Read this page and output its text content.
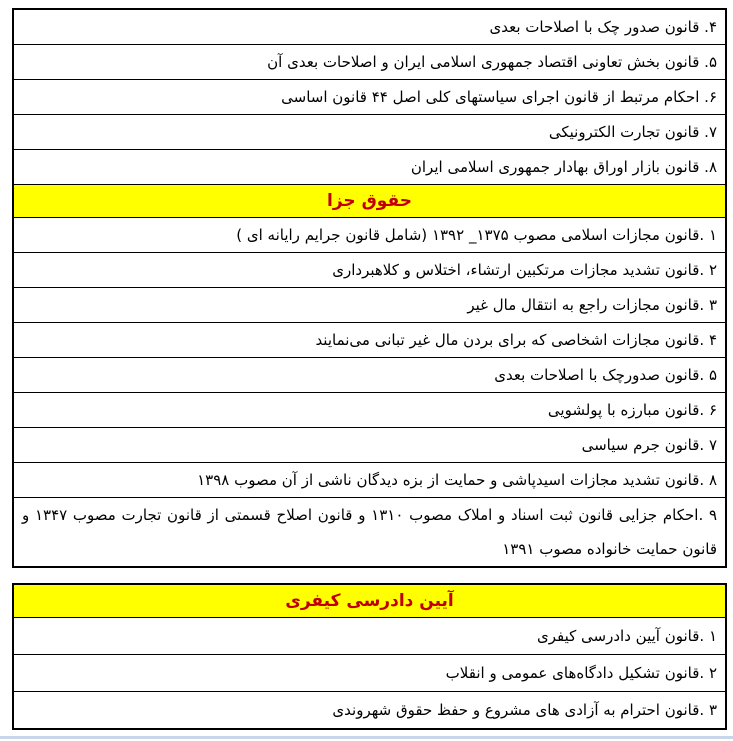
۴. قانون صدور چک با اصلاحات بعدی
۵. قانون بخش تعاونی اقتصاد جمهوری اسلامی ایران و اصلاحات بعدی آن
۶. احکام مرتبط از قانون اجرای سیاستهای کلی اصل ۴۴ قانون اساسی
۷. قانون تجارت الکترونیکی
۸. قانون بازار اوراق بهادار جمهوری اسلامی ایران
حقوق جزا
۱ .قانون مجازات اسلامی مصوب ۱۳۷۵_ ۱۳۹۲ (شامل قانون جرایم رایانه ای )
۲ .قانون تشدید مجازات مرتکبین ارتشاء، اختلاس و کلاهبرداری
۳ .قانون مجازات راجع به انتقال مال غیر
۴ .قانون مجازات اشخاصی که برای بردن مال غیر تبانی می‌نمایند
۵ .قانون صدورچک با اصلاحات بعدی
۶ .قانون مبارزه با پولشویی
۷ .قانون جرم سیاسی
۸ .قانون تشدید مجازات اسیدپاشی و حمایت از بزه دیدگان ناشی از آن مصوب ۱۳۹۸
۹ .احکام جزایی قانون ثبت اسناد و املاک مصوب ۱۳۱۰ و قانون اصلاح قسمتی از قانون تجارت مصوب ۱۳۴۷ و قانون حمایت خانواده مصوب ۱۳۹۱
آیین دادرسی کیفری
۱ .قانون آیین دادرسی کیفری
۲ .قانون تشکیل دادگاه‌های عمومی و انقلاب
۳ .قانون احترام به آزادی های مشروع و حفظ حقوق شهروندی
